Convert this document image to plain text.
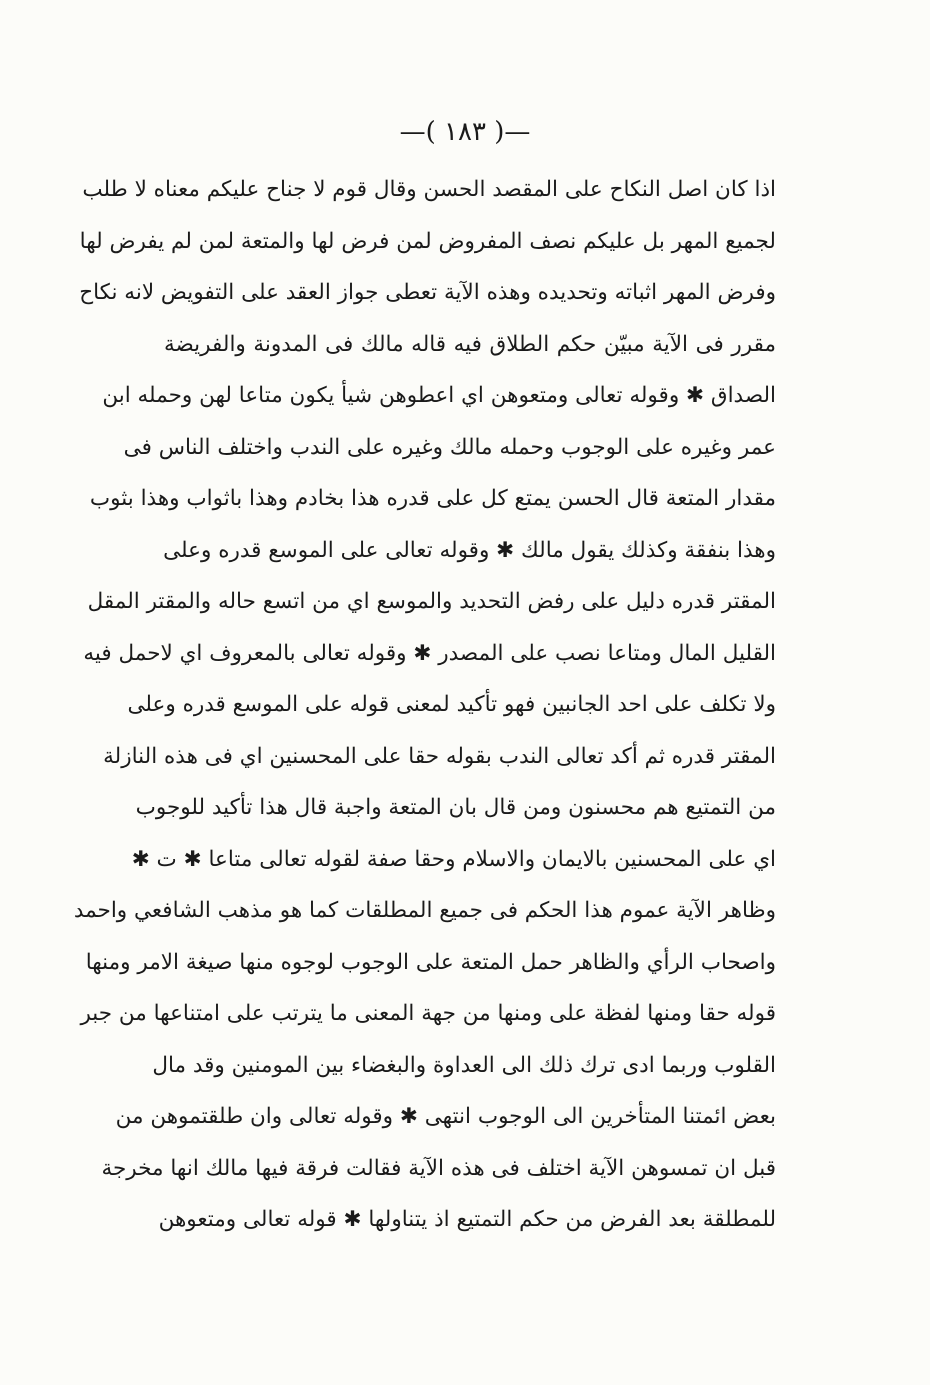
—( ١٨٣ )—
اذا كان اصل النكاح على المقصد الحسن وقال قوم لا جناح عليكم معناه لا طلب
لجميع المهر بل عليكم نصف المفروض لمن فرض لها والمتعة لمن لم يفرض لها
وفرض المهر اثباته وتحديده وهذه الآية تعطى جواز العقد على التفويض لانه نكاح
مقرر فى الآية مبيّن حكم الطلاق فيه قاله مالك فى المدونة والفريضة
الصداق ✱ وقوله تعالى ومتعوهن اي اعطوهن شيأ يكون متاعا لهن وحمله ابن
عمر وغيره على الوجوب وحمله مالك وغيره على الندب واختلف الناس فى
مقدار المتعة قال الحسن يمتع كل على قدره هذا بخادم وهذا باثواب وهذا بثوب
وهذا بنفقة وكذلك يقول مالك ✱ وقوله تعالى على الموسع قدره وعلى
المقتر قدره دليل على رفض التحديد والموسع اي من اتسع حاله والمقتر المقل
القليل المال ومتاعا نصب على المصدر ✱ وقوله تعالى بالمعروف اي لاحمل فيه
ولا تكلف على احد الجانبين فهو تأكيد لمعنى قوله على الموسع قدره وعلى
المقتر قدره ثم أكد تعالى الندب بقوله حقا على المحسنين اي فى هذه النازلة
من التمتيع هم محسنون ومن قال بان المتعة واجبة قال هذا تأكيد للوجوب
اي على المحسنين بالايمان والاسلام وحقا صفة لقوله تعالى متاعا ✱ ت ✱
وظاهر الآية عموم هذا الحكم فى جميع المطلقات كما هو مذهب الشافعي واحمد
واصحاب الرأي والظاهر حمل المتعة على الوجوب لوجوه منها صيغة الامر ومنها
قوله حقا ومنها لفظة على ومنها من جهة المعنى ما يترتب على امتناعها من جبر
القلوب وربما ادى ترك ذلك الى العداوة والبغضاء بين المومنين وقد مال
بعض ائمتنا المتأخرين الى الوجوب انتهى ✱ وقوله تعالى وان طلقتموهن من
قبل ان تمسوهن الآية اختلف فى هذه الآية فقالت فرقة فيها مالك انها مخرجة
للمطلقة بعد الفرض من حكم التمتيع اذ يتناولها ✱ قوله تعالى ومتعوهن
